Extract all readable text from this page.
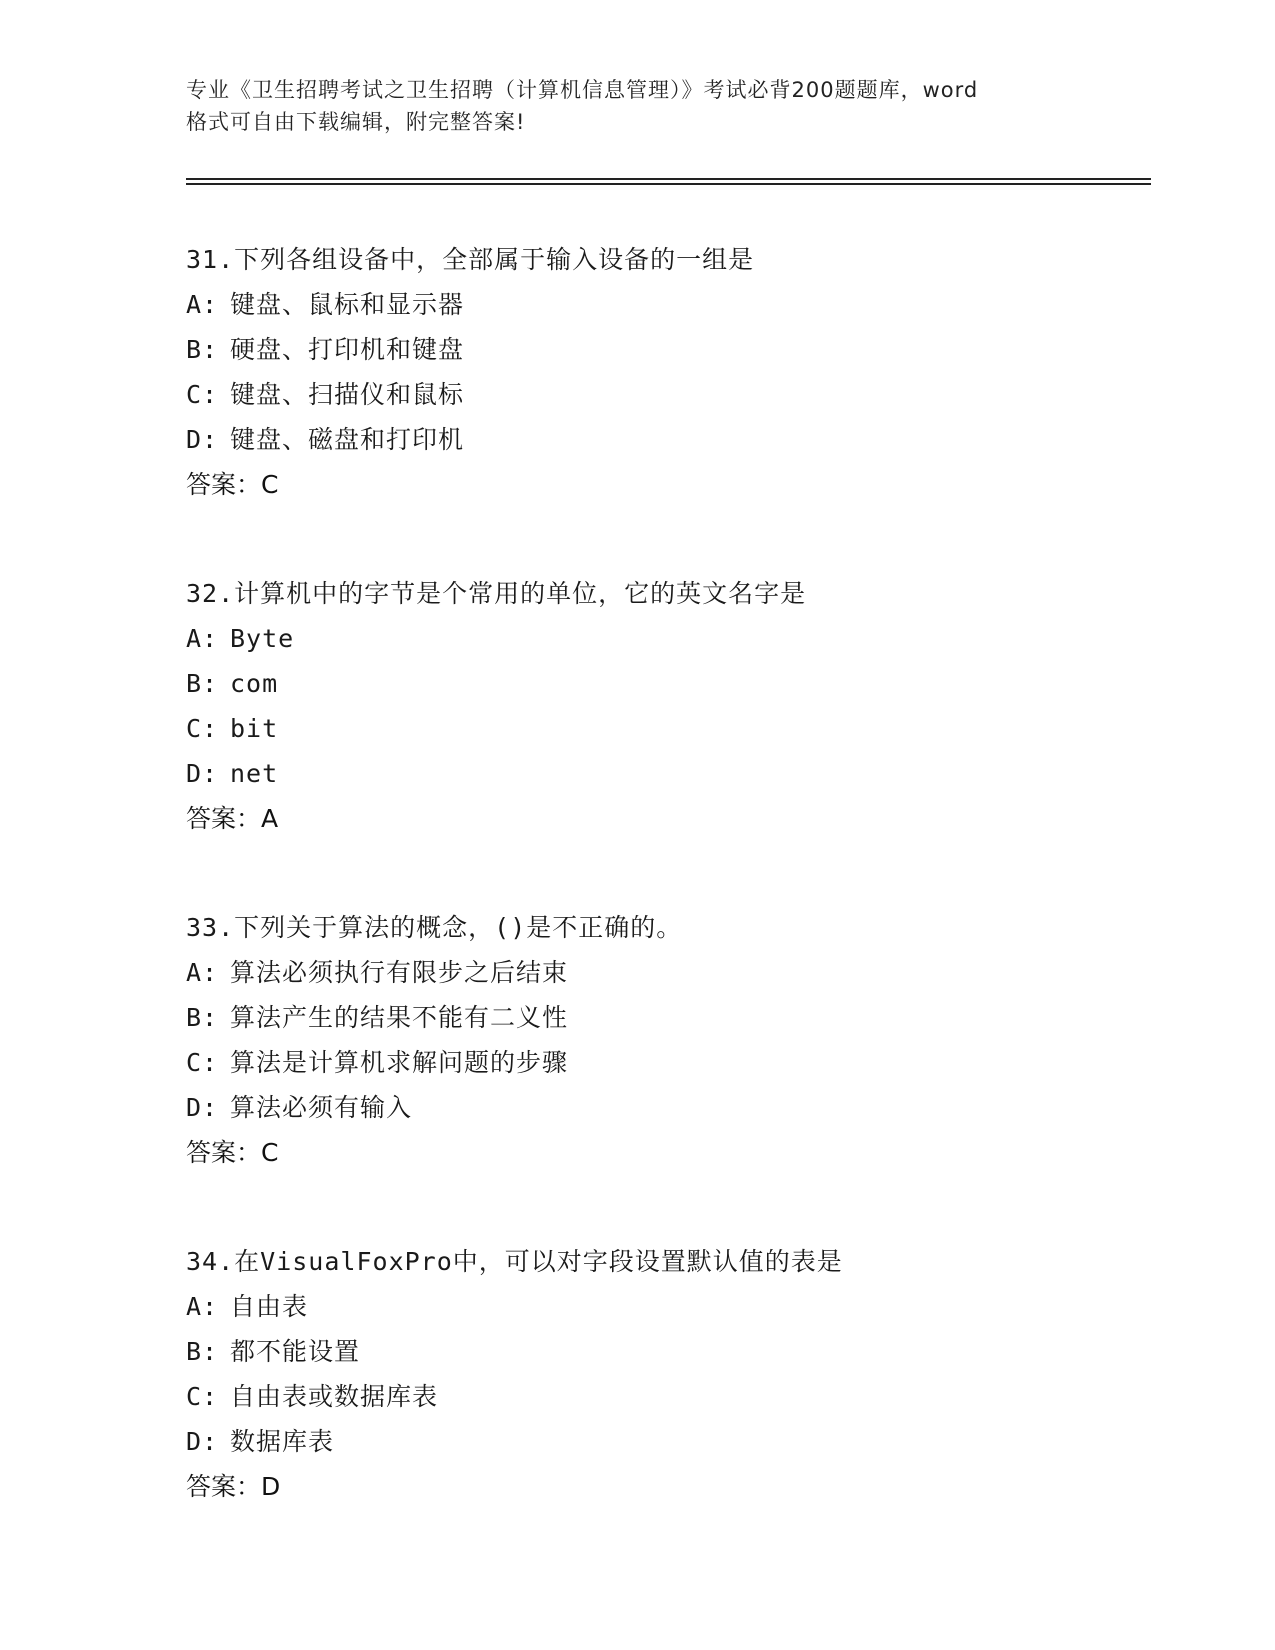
专业《卫生招聘考试之卫生招聘（计算机信息管理）》考试必背200题题库，word
格式可自由下载编辑，附完整答案!
31.下列各组设备中，全部属于输入设备的一组是
A: 键盘、鼠标和显示器
B: 硬盘、打印机和键盘
C: 键盘、扫描仪和鼠标
D: 键盘、磁盘和打印机
答案：C
32.计算机中的字节是个常用的单位，它的英文名字是
A: Byte
B: com
C: bit
D: net
答案：A
33.下列关于算法的概念，()是不正确的。
A: 算法必须执行有限步之后结束
B: 算法产生的结果不能有二义性
C: 算法是计算机求解问题的步骤
D: 算法必须有输入
答案：C
34.在VisualFoxPro中，可以对字段设置默认值的表是
A: 自由表
B: 都不能设置
C: 自由表或数据库表
D: 数据库表
答案：D
